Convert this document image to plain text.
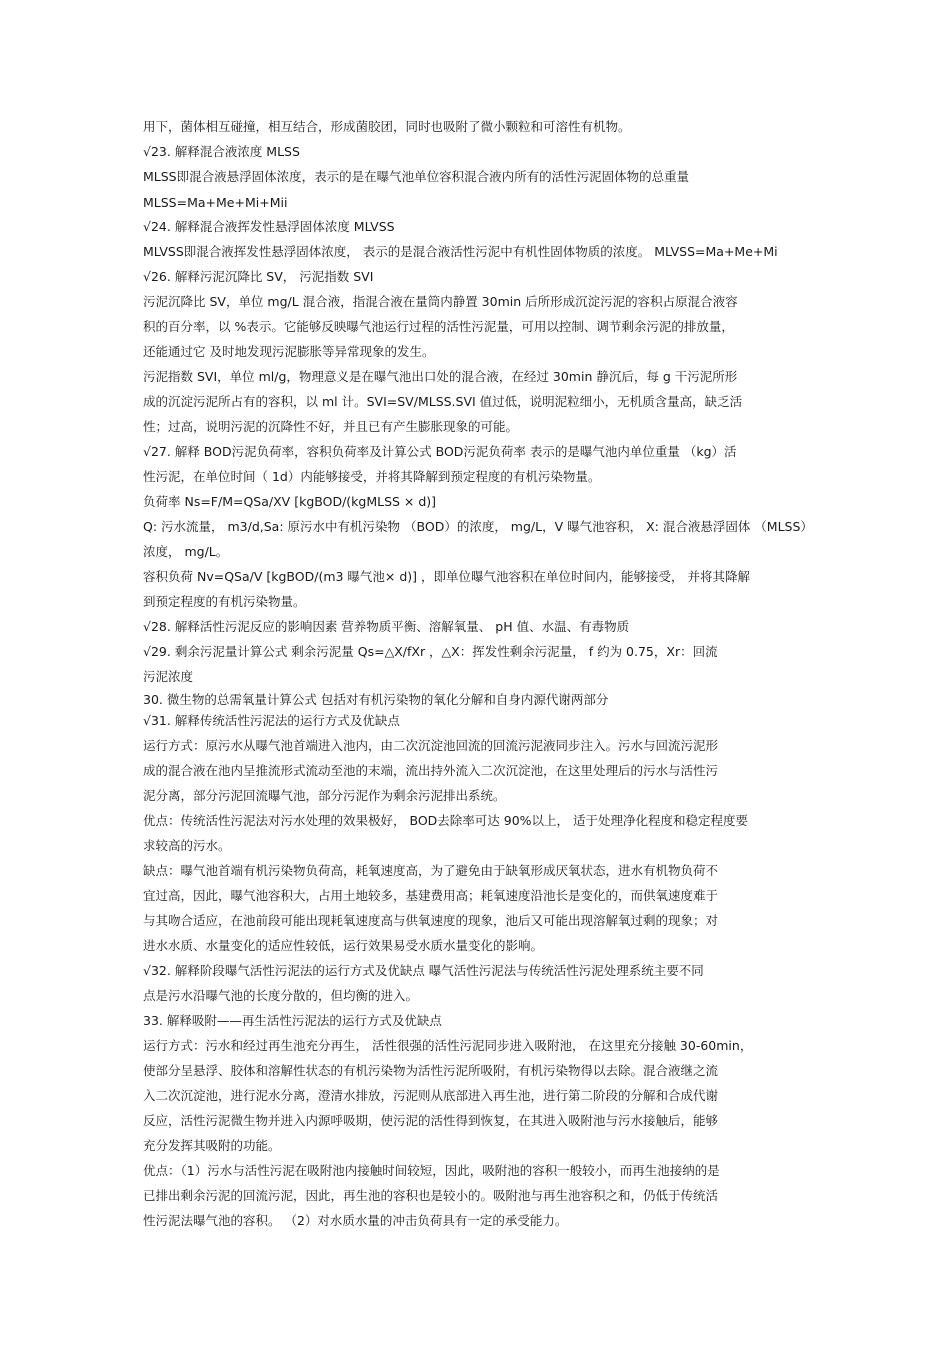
用下，菌体相互碰撞，相互结合，形成菌胶团，同时也吸附了微小颗粒和可溶性有机物。
√23. 解释混合液浓度 MLSS
MLSS即混合液悬浮固体浓度，表示的是在曝气池单位容积混合液内所有的活性污泥固体物的总重量
MLSS=Ma+Me+Mi+Mii
√24. 解释混合液挥发性悬浮固体浓度 MLVSS
MLVSS即混合液挥发性悬浮固体浓度， 表示的是混合液活性污泥中有机性固体物质的浓度。 MLVSS=Ma+Me+Mi
√26. 解释污泥沉降比 SV， 污泥指数 SVI
污泥沉降比 SV，单位 mg/L 混合液，指混合液在量筒内静置 30min 后所形成沉淀污泥的容积占原混合液容
积的百分率，以 %表示。它能够反映曝气池运行过程的活性污泥量，可用以控制、调节剩余污泥的排放量，
还能通过它 及时地发现污泥膨胀等异常现象的发生。
污泥指数 SVI，单位 ml/g，物理意义是在曝气池出口处的混合液，在经过 30min 静沉后，每 g 干污泥所形
成的沉淀污泥所占有的容积，以 ml 计。SVI=SV/MLSS.SVI 值过低，说明泥粒细小，无机质含量高，缺乏活
性；过高，说明污泥的沉降性不好，并且已有产生膨胀现象的可能。
√27. 解释 BOD污泥负荷率，容积负荷率及计算公式 BOD污泥负荷率 表示的是曝气池内单位重量 （kg）活
性污泥，在单位时间（ 1d）内能够接受，并将其降解到预定程度的有机污染物量。
负荷率 Ns=F/M=QSa/XV [kgBOD/(kgMLSS × d)]
Q: 污水流量， m3/d,Sa: 原污水中有机污染物 （BOD）的浓度， mg/L，V 曝气池容积， X: 混合液悬浮固体 （MLSS）
浓度， mg/L。
容积负荷 Nv=QSa/V [kgBOD/(m3 曝气池× d)] ，即单位曝气池容积在单位时间内，能够接受， 并将其降解
到预定程度的有机污染物量。
√28. 解释活性污泥反应的影响因素 营养物质平衡、溶解氧量、 pH 值、水温、有毒物质
√29. 剩余污泥量计算公式 剩余污泥量 Qs=△X/fXr ，△X：挥发性剩余污泥量， f 约为 0.75，Xr：回流
污泥浓度
30. 微生物的总需氧量计算公式 包括对有机污染物的氧化分解和自身内源代谢两部分
√31. 解释传统活性污泥法的运行方式及优缺点
运行方式：原污水从曝气池首端进入池内，由二次沉淀池回流的回流污泥液同步注入。污水与回流污泥形
成的混合液在池内呈推流形式流动至池的末端，流出持外流入二次沉淀池，在这里处理后的污水与活性污
泥分离，部分污泥回流曝气池，部分污泥作为剩余污泥排出系统。
优点：传统活性污泥法对污水处理的效果极好， BOD去除率可达 90%以上， 适于处理净化程度和稳定程度要
求较高的污水。
缺点：曝气池首端有机污染物负荷高，耗氧速度高，为了避免由于缺氧形成厌氧状态，进水有机物负荷不
宜过高，因此，曝气池容积大，占用土地较多，基建费用高；耗氧速度沿池长是变化的，而供氧速度难于
与其吻合适应，在池前段可能出现耗氧速度高与供氧速度的现象，池后又可能出现溶解氧过剩的现象；对
进水水质、水量变化的适应性较低，运行效果易受水质水量变化的影响。
√32. 解释阶段曝气活性污泥法的运行方式及优缺点 曝气活性污泥法与传统活性污泥处理系统主要不同
点是污水沿曝气池的长度分散的，但均衡的进入。
33. 解释吸附——再生活性污泥法的运行方式及优缺点
运行方式：污水和经过再生池充分再生， 活性很强的活性污泥同步进入吸附池， 在这里充分接触 30-60min，
使部分呈悬浮、胶体和溶解性状态的有机污染物为活性污泥所吸附，有机污染物得以去除。混合液继之流
入二次沉淀池，进行泥水分离，澄清水排放，污泥则从底部进入再生池，进行第二阶段的分解和合成代谢
反应，活性污泥微生物并进入内源呼吸期，使污泥的活性得到恢复，在其进入吸附池与污水接触后，能够
充分发挥其吸附的功能。
优点：（1）污水与活性污泥在吸附池内接触时间较短，因此，吸附池的容积一般较小，而再生池接纳的是
已排出剩余污泥的回流污泥，因此，再生池的容积也是较小的。吸附池与再生池容积之和，仍低于传统活
性污泥法曝气池的容积。 （2）对水质水量的冲击负荷具有一定的承受能力。
